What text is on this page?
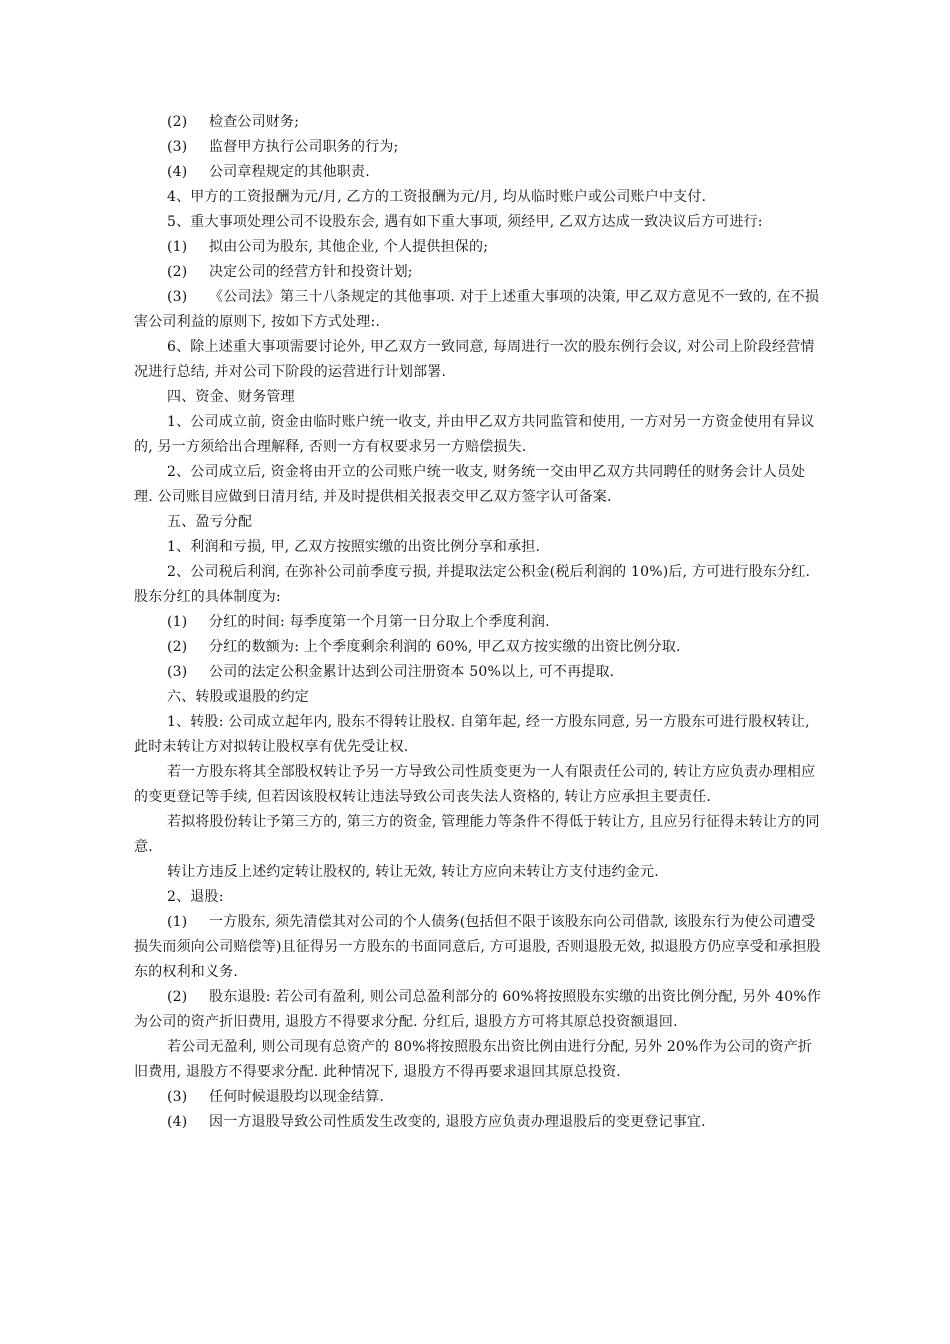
(2) 检查公司财务;

(3) 监督甲方执行公司职务的行为;

(4) 公司章程规定的其他职责.

4、甲方的工资报酬为元/月, 乙方的工资报酬为元/月, 均从临时账户或公司账户中支付.

5、重大事项处理公司不设股东会, 遇有如下重大事项, 须经甲, 乙双方达成一致决议后方可进行:

(1) 拟由公司为股东, 其他企业, 个人提供担保的;

(2) 决定公司的经营方针和投资计划;

(3) 《公司法》第三十八条规定的其他事项. 对于上述重大事项的决策, 甲乙双方意见不一致的, 在不损害公司利益的原则下, 按如下方式处理:.

6、除上述重大事项需要讨论外, 甲乙双方一致同意, 每周进行一次的股东例行会议, 对公司上阶段经营情况进行总结, 并对公司下阶段的运营进行计划部署.

四、资金、财务管理

1、公司成立前, 资金由临时账户统一收支, 并由甲乙双方共同监管和使用, 一方对另一方资金使用有异议的, 另一方须给出合理解释, 否则一方有权要求另一方赔偿损失.

2、公司成立后, 资金将由开立的公司账户统一收支, 财务统一交由甲乙双方共同聘任的财务会计人员处理. 公司账目应做到日清月结, 并及时提供相关报表交甲乙双方签字认可备案.

五、盈亏分配

1、利润和亏损, 甲, 乙双方按照实缴的出资比例分享和承担.

2、公司税后利润, 在弥补公司前季度亏损, 并提取法定公积金(税后利润的 10%)后, 方可进行股东分红. 股东分红的具体制度为:

(1) 分红的时间: 每季度第一个月第一日分取上个季度利润.

(2) 分红的数额为: 上个季度剩余利润的 60%, 甲乙双方按实缴的出资比例分取.

(3) 公司的法定公积金累计达到公司注册资本 50%以上, 可不再提取.

六、转股或退股的约定

1、转股: 公司成立起年内, 股东不得转让股权. 自第年起, 经一方股东同意, 另一方股东可进行股权转让, 此时未转让方对拟转让股权享有优先受让权.

若一方股东将其全部股权转让予另一方导致公司性质变更为一人有限责任公司的, 转让方应负责办理相应的变更登记等手续, 但若因该股权转让违法导致公司丧失法人资格的, 转让方应承担主要责任.

若拟将股份转让予第三方的, 第三方的资金, 管理能力等条件不得低于转让方, 且应另行征得未转让方的同意.

转让方违反上述约定转让股权的, 转让无效, 转让方应向未转让方支付违约金元.

2、退股:

(1) 一方股东, 须先清偿其对公司的个人债务(包括但不限于该股东向公司借款, 该股东行为使公司遭受损失而须向公司赔偿等)且征得另一方股东的书面同意后, 方可退股, 否则退股无效, 拟退股方仍应享受和承担股东的权利和义务.

(2) 股东退股: 若公司有盈利, 则公司总盈利部分的 60%将按照股东实缴的出资比例分配, 另外 40%作为公司的资产折旧费用, 退股方不得要求分配. 分红后, 退股方方可将其原总投资额退回.

若公司无盈利, 则公司现有总资产的 80%将按照股东出资比例由进行分配, 另外 20%作为公司的资产折旧费用, 退股方不得要求分配. 此种情况下, 退股方不得再要求退回其原总投资.

(3) 任何时候退股均以现金结算.

(4) 因一方退股导致公司性质发生改变的, 退股方应负责办理退股后的变更登记事宜.
